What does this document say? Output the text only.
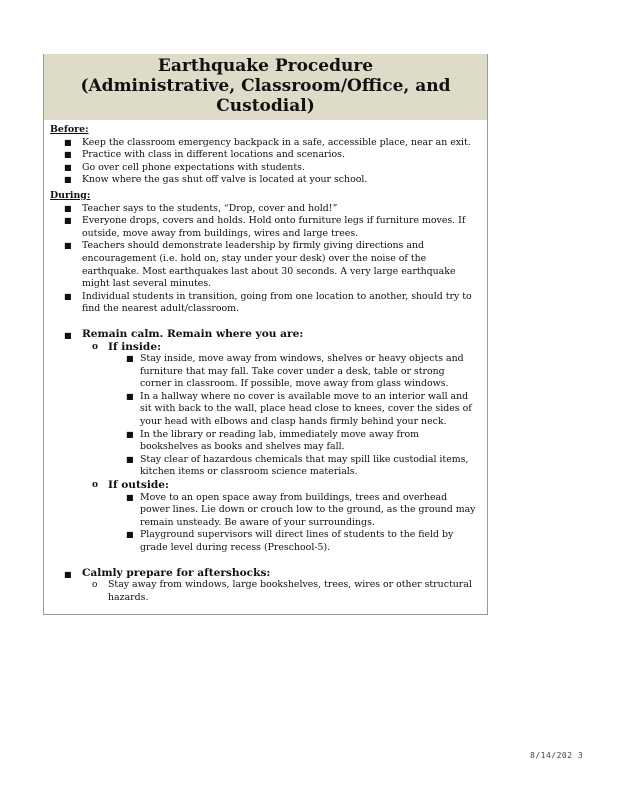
Earthquake Procedure
(Administrative, Classroom/Office, and
Custodial)

Before:

■ Keep the classroom emergency backpack in a safe, accessible place, near an exit.
■ Practice with class in different locations and scenarios.
■ Go over cell phone expectations with students.
■ Know where the gas shut off valve is located at your school.

During:

■ Teacher says to the students, “Drop, cover and hold!”
■ Everyone drops, covers and holds. Hold onto furniture legs if furniture moves. If outside, move away from buildings, wires and large trees.
■ Teachers should demonstrate leadership by firmly giving directions and encouragement (i.e. hold on, stay under your desk) over the noise of the earthquake. Most earthquakes last about 30 seconds. A very large earthquake might last several minutes.
■ Individual students in transition, going from one location to another, should try to find the nearest adult/classroom.
■ Remain calm. Remain where you are:
o If inside:
■ Stay inside, move away from windows, shelves or heavy objects and furniture that may fall. Take cover under a desk, table or strong corner in classroom. If possible, move away from glass windows.
■ In a hallway where no cover is available move to an interior wall and sit with back to the wall, place head close to knees, cover the sides of your head with elbows and clasp hands firmly behind your neck.
■ In the library or reading lab, immediately move away from bookshelves as books and shelves may fall.
■ Stay clear of hazardous chemicals that may spill like custodial items, kitchen items or classroom science materials.
o If outside:
■ Move to an open space away from buildings, trees and overhead power lines. Lie down or crouch low to the ground, as the ground may remain unsteady. Be aware of your surroundings.
■ Playground supervisors will direct lines of students to the field by grade level during recess (Preschool-5).
■ Calmly prepare for aftershocks:
o Stay away from windows, large bookshelves, trees, wires or other structural hazards.
8/14/202 3
